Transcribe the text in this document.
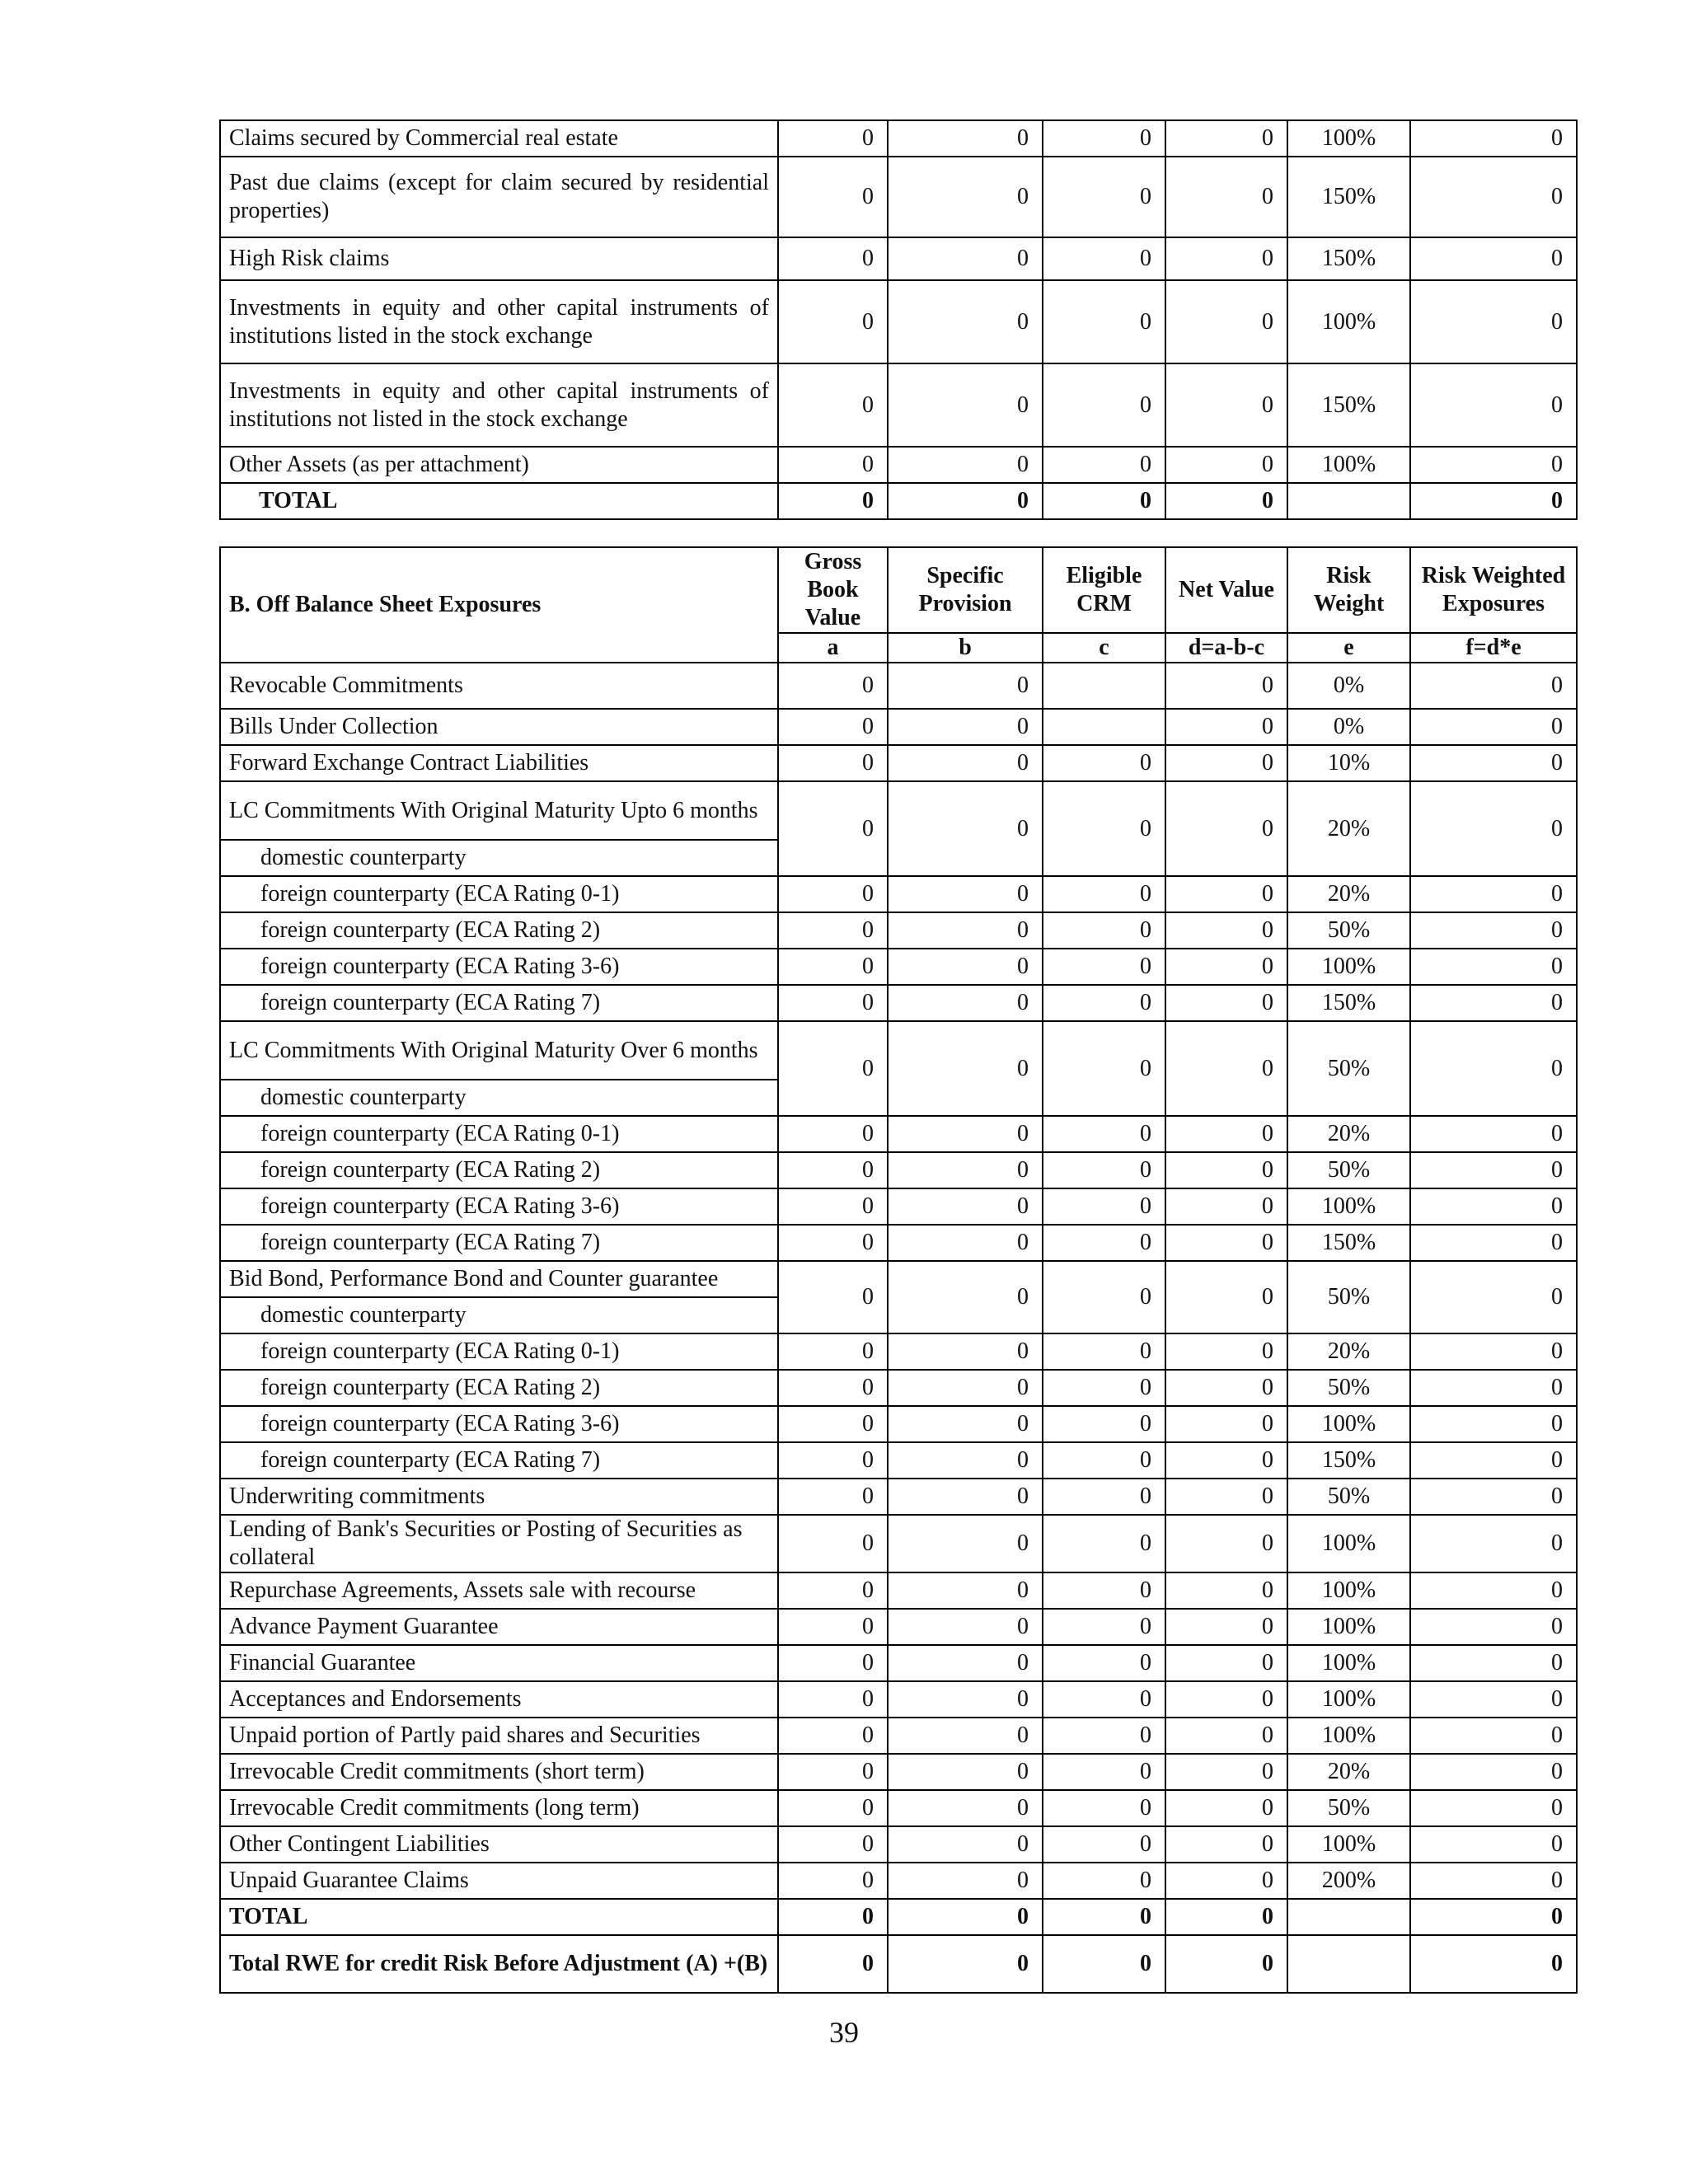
Claims secured by Commercial real estate	0	0	0	0	100%	0
Past due claims (except for claim secured by residential properties)	0	0	0	0	150%	0
High Risk claims	0	0	0	0	150%	0
Investments in equity and other capital instruments of institutions listed in the stock exchange	0	0	0	0	100%	0
Investments in equity and other capital instruments of institutions not listed in the stock exchange	0	0	0	0	150%	0
Other Assets (as per attachment)	0	0	0	0	100%	0
TOTAL	0	0	0	0		0
B. Off Balance Sheet Exposures	Gross Book Value	Specific Provision	Eligible CRM	Net Value	Risk Weight	Risk Weighted Exposures
	a	b	c	d=a-b-c	e	f=d*e
Revocable Commitments	0	0		0	0%	0
Bills Under Collection	0	0		0	0%	0
Forward Exchange Contract Liabilities	0	0	0	0	10%	0
LC Commitments With Original Maturity Upto 6 months	0	0	0	0	20%	0
domestic counterparty						
foreign counterparty (ECA Rating 0-1)	0	0	0	0	20%	0
foreign counterparty (ECA Rating 2)	0	0	0	0	50%	0
foreign counterparty (ECA Rating 3-6)	0	0	0	0	100%	0
foreign counterparty (ECA Rating 7)	0	0	0	0	150%	0
LC Commitments With Original Maturity Over 6 months	0	0	0	0	50%	0
domestic counterparty						
foreign counterparty (ECA Rating 0-1)	0	0	0	0	20%	0
foreign counterparty (ECA Rating 2)	0	0	0	0	50%	0
foreign counterparty (ECA Rating 3-6)	0	0	0	0	100%	0
foreign counterparty (ECA Rating 7)	0	0	0	0	150%	0
Bid Bond, Performance Bond and Counter guarantee	0	0	0	0	50%	0
domestic counterparty						
foreign counterparty (ECA Rating 0-1)	0	0	0	0	20%	0
foreign counterparty (ECA Rating 2)	0	0	0	0	50%	0
foreign counterparty (ECA Rating 3-6)	0	0	0	0	100%	0
foreign counterparty (ECA Rating 7)	0	0	0	0	150%	0
Underwriting commitments	0	0	0	0	50%	0
Lending of Bank's Securities or Posting of Securities as collateral	0	0	0	0	100%	0
Repurchase Agreements, Assets sale with recourse	0	0	0	0	100%	0
Advance Payment Guarantee	0	0	0	0	100%	0
Financial Guarantee	0	0	0	0	100%	0
Acceptances and Endorsements	0	0	0	0	100%	0
Unpaid portion of Partly paid shares and Securities	0	0	0	0	100%	0
Irrevocable Credit commitments (short term)	0	0	0	0	20%	0
Irrevocable Credit commitments (long term)	0	0	0	0	50%	0
Other Contingent Liabilities	0	0	0	0	100%	0
Unpaid Guarantee Claims	0	0	0	0	200%	0
TOTAL	0	0	0	0		0
Total RWE for credit Risk Before Adjustment (A) +(B)	0	0	0	0		0
39
